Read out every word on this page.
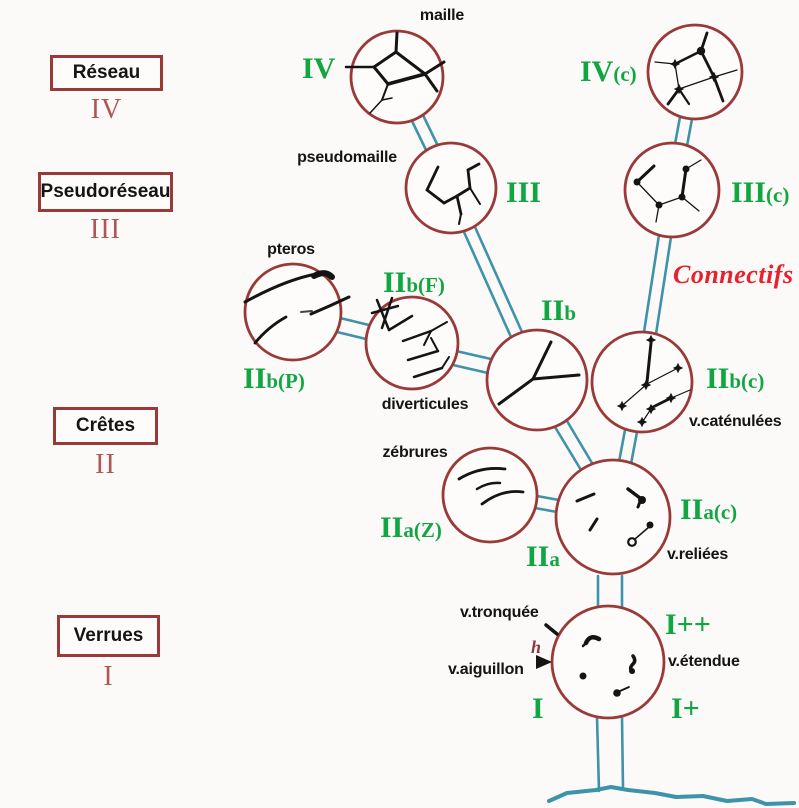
Réseau
IV
Pseudoréseau
III
Crêtes
II
Verrues
I
maille
pseudomaille
pteros
diverticules
zébrures
v.caténulées
v.reliées
v.tronquée
v.aiguillon	v.étendue
Connectifs
h
IV	IV(c)
III	III(c)
IIb
IIb(F)
IIb(P)	IIb(c)
IIa(Z)
IIa
IIa(c)
I++
I	I+
